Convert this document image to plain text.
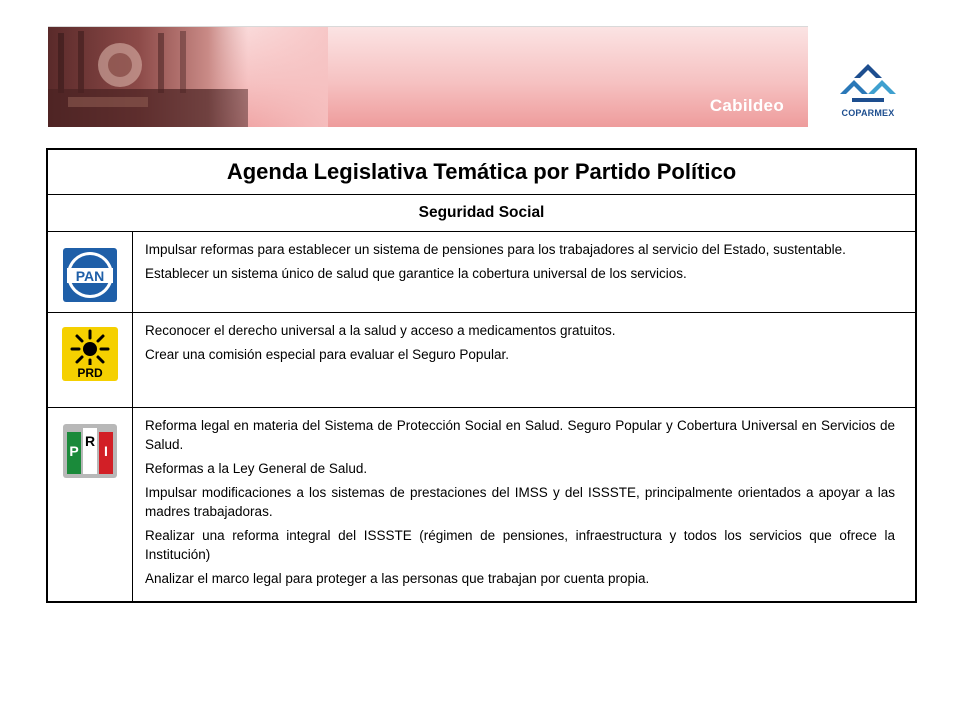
Cabildeo	COPARMEX
Agenda Legislativa Temática por Partido Político
Seguridad Social
PAN

Impulsar reformas para establecer un sistema de pensiones para los trabajadores al servicio del Estado, sustentable.

Establecer un sistema único de salud que garantice la cobertura universal de los servicios.

PRD

Reconocer el derecho universal a la salud y acceso a medicamentos gratuitos.

Crear una comisión especial para evaluar el Seguro Popular.

P
R
I

Reforma legal en materia del Sistema de Protección Social en Salud. Seguro Popular y Cobertura Universal en Servicios de Salud.

Reformas a la Ley General de Salud.

Impulsar modificaciones a los sistemas de prestaciones del IMSS y del ISSSTE, principalmente orientados a apoyar a las madres trabajadoras.

Realizar una reforma integral del ISSSTE (régimen de pensiones, infraestructura y todos los servicios que ofrece la Institución)

Analizar el marco legal para proteger a las personas que trabajan por cuenta propia.
